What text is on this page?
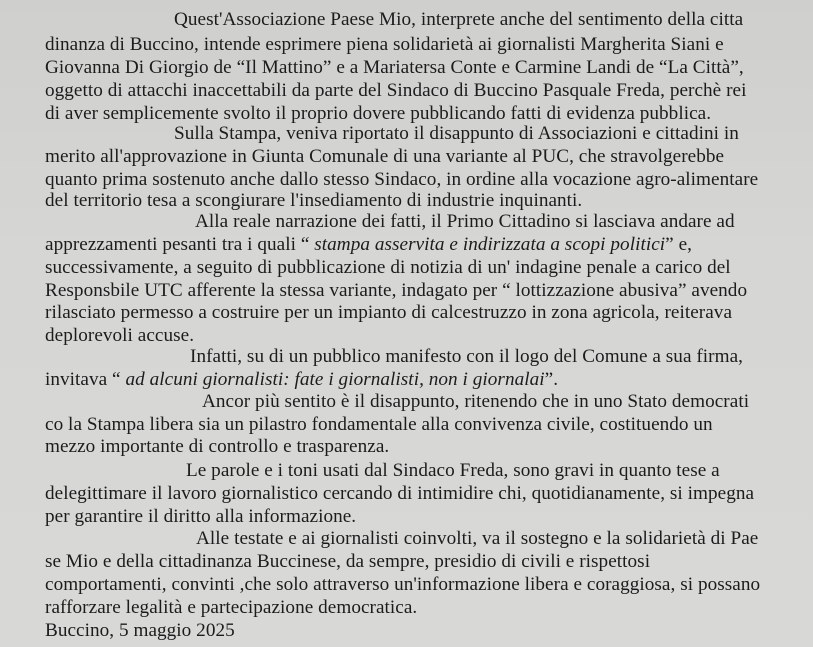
Quest'Associazione Paese Mio, interprete anche del sentimento della citta
dinanza di Buccino, intende esprimere piena solidarietà ai giornalisti Margherita Siani e
Giovanna Di Giorgio de “Il Mattino” e a Mariatersa Conte e Carmine Landi de “La Città”,
oggetto di attacchi inaccettabili da parte del Sindaco di Buccino Pasquale Freda, perchè rei
di aver semplicemente svolto il proprio dovere pubblicando fatti di evidenza pubblica.
Sulla Stampa, veniva riportato il disappunto di Associazioni e cittadini in
merito all'approvazione in Giunta Comunale di una variante al PUC, che stravolgerebbe
quanto prima sostenuto anche dallo stesso Sindaco, in ordine alla vocazione agro-alimentare
del territorio tesa a scongiurare l'insediamento di industrie inquinanti.
Alla reale narrazione dei fatti, il Primo Cittadino si lasciava andare ad
apprezzamenti pesanti tra i quali “ stampa asservita e indirizzata a scopi politici” e,
successivamente, a seguito di pubblicazione di notizia di un' indagine penale a carico del
Responsbile UTC afferente la stessa variante, indagato per “ lottizzazione abusiva” avendo
rilasciato permesso a costruire per un impianto di calcestruzzo in zona agricola, reiterava
deplorevoli accuse.
Infatti, su di un pubblico manifesto con il logo del Comune a sua firma,
invitava “ ad alcuni giornalisti: fate i giornalisti, non i giornalai”.
Ancor più sentito è il disappunto, ritenendo che in uno Stato democrati
co la Stampa libera sia un pilastro fondamentale alla convivenza civile, costituendo un
mezzo importante di controllo e trasparenza.
Le parole e i toni usati dal Sindaco Freda, sono gravi in quanto tese a
delegittimare il lavoro giornalistico cercando di intimidire chi, quotidianamente, si impegna
per garantire il diritto alla informazione.
Alle testate e ai giornalisti coinvolti, va il sostegno e la solidarietà di Pae
se Mio e della cittadinanza Buccinese, da sempre, presidio di civili e rispettosi
comportamenti, convinti ,che solo attraverso un'informazione libera e coraggiosa, si possano
rafforzare legalità e partecipazione democratica.
Buccino, 5 maggio 2025
